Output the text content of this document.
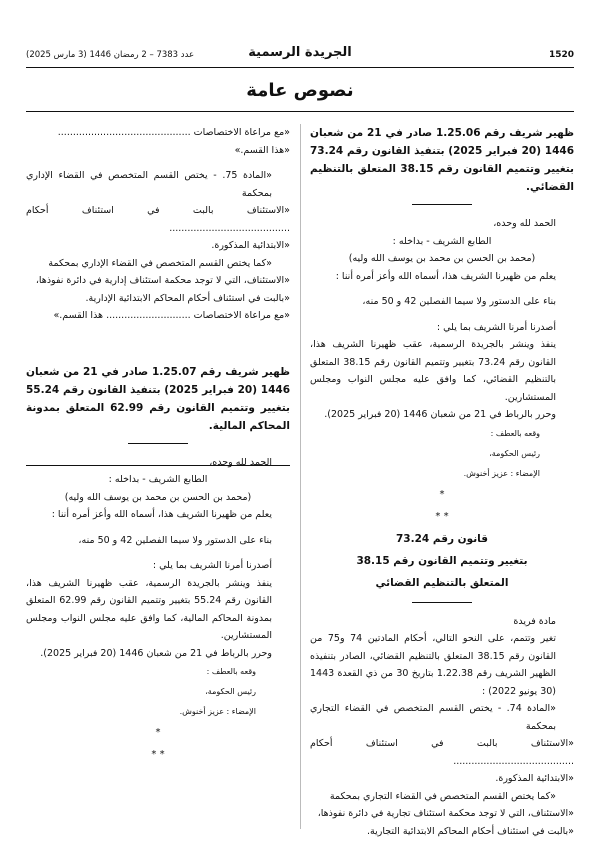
1520
الجريدة الرسمية
عدد 7383 – 2 رمضان 1446 (3 مارس 2025)
نصوص عامة

ظهير شريف رقم 1.25.06 صادر في 21 من شعبان 1446 (20 فبراير 2025) بتنفيذ القانون رقم 73.24 بتغيير وتتميم القانون رقم 38.15 المتعلق بالتنظيم القضائي.

الحمد لله وحده،

الطابع الشريف - بداخله :

(محمد بن الحسن بن محمد بن يوسف الله وليه)

يعلم من ظهيرنا الشريف هذا، أسماه الله وأعز أمره أننا :

بناء على الدستور ولا سيما الفصلين 42 و 50 منه،

أصدرنا أمرنا الشريف بما يلي :

ينفذ وينشر بالجريدة الرسمية، عقب ظهيرنا الشريف هذا، القانون رقم 73.24 بتغيير وتتميم القانون رقم 38.15 المتعلق بالتنظيم القضائي، كما وافق عليه مجلس النواب ومجلس المستشارين.

وحرر بالرباط في 21 من شعبان 1446 (20 فبراير 2025).

وقعه بالعطف :

رئيس الحكومة،

الإمضاء : عزيز أخنوش.

*

* *

قانون رقم 73.24

بتغيير وتتميم القانون رقم 38.15

المتعلق بالتنظيم القضائي

مادة فريدة

تغير وتتمم، على النحو التالي، أحكام المادتين 74 و75 من القانون رقم 38.15 المتعلق بالتنظيم القضائي، الصادر بتنفيذه الظهير الشريف رقم 1.22.38 بتاريخ 30 من ذي القعدة 1443 (30 يونيو 2022) :

«المادة 74. - يختص القسم المتخصص في القضاء التجاري بمحكمة

«الاستئناف بالبت في استئناف أحكام ........................................

«الابتدائية المذكورة.

«كما يختص القسم المتخصص في القضاء التجاري بمحكمة

«الاستئناف، التي لا توجد محكمة استئناف تجارية في دائرة نفوذها،

«بالبت في استئناف أحكام المحاكم الابتدائية التجارية.

«مع مراعاة الاختصاصات ............................................

«هذا القسم.»

«المادة 75. - يختص القسم المتخصص في القضاء الإداري بمحكمة

«الاستئناف بالبت في استئناف أحكام ........................................

«الابتدائية المذكورة.

«كما يختص القسم المتخصص في القضاء الإداري بمحكمة

«الاستئناف، التي لا توجد محكمة استئناف إدارية في دائرة نفوذها،

«بالبت في استئناف أحكام المحاكم الابتدائية الإدارية.

«مع مراعاة الاختصاصات ............................ هذا القسم.»

ظهير شريف رقم 1.25.07 صادر في 21 من شعبان 1446 (20 فبراير 2025) بتنفيذ القانون رقم 55.24 بتغيير وتتميم القانون رقم 62.99 المتعلق بمدونة المحاكم المالية.

الحمد لله وحده،

الطابع الشريف - بداخله :

(محمد بن الحسن بن محمد بن يوسف الله وليه)

يعلم من ظهيرنا الشريف هذا، أسماه الله وأعز أمره أننا :

بناء على الدستور ولا سيما الفصلين 42 و 50 منه،

أصدرنا أمرنا الشريف بما يلي :

ينفذ وينشر بالجريدة الرسمية، عقب ظهيرنا الشريف هذا، القانون رقم 55.24 بتغيير وتتميم القانون رقم 62.99 المتعلق بمدونة المحاكم المالية، كما وافق عليه مجلس النواب ومجلس المستشارين.

وحرر بالرباط في 21 من شعبان 1446 (20 فبراير 2025).

وقعه بالعطف :

رئيس الحكومة،

الإمضاء : عزيز أخنوش.

*

* *
